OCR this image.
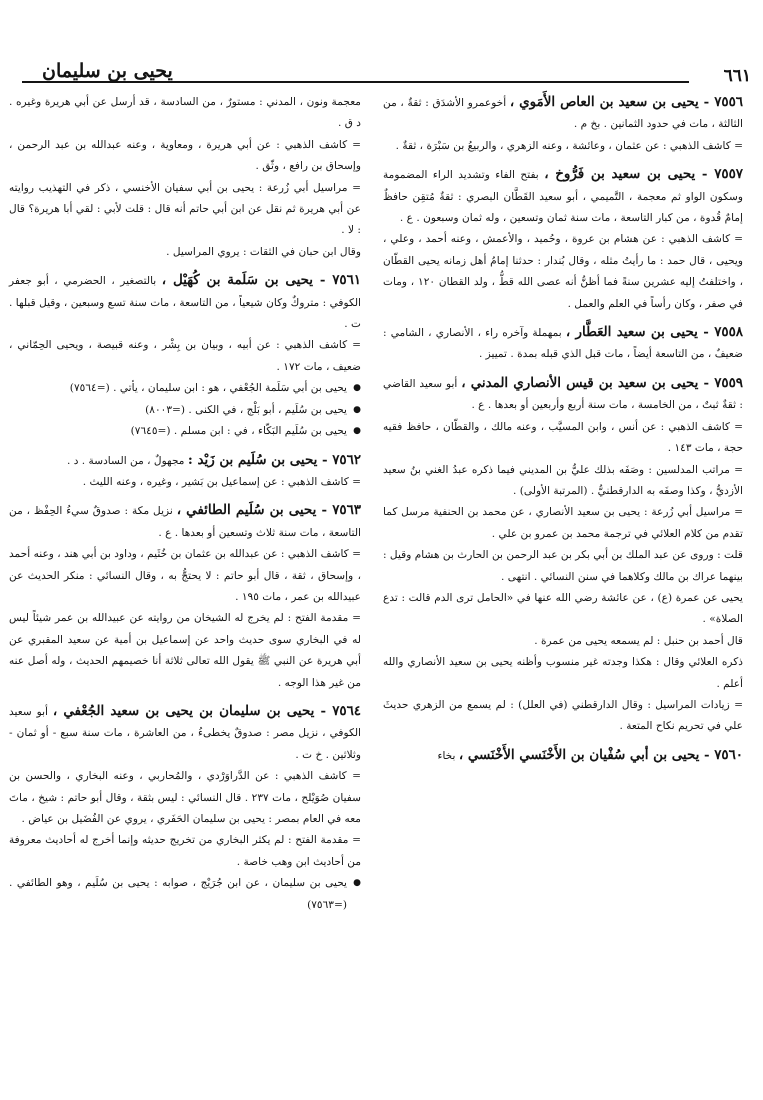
٦٦١
يحيى بن سليمان

٧٥٥٦ - يحيى بن سعيد بن العاص الأَمَوي ، أخوعمرو الأشدَق : ثقةٌ ، من الثالثة ، مات في حدود الثمانين . بخ م .

= كاشف الذهبي : عن عثمان ، وعائشة ، وعنه الزهري ، والربيعُ بن سَبْرَة ، ثقةٌ .

٧٥٥٧ - يحيى بن سعيد بن فَرُّوخ ، بفتح الفاء وتشديد الراء المضمومة وسكون الواو ثم معجمة ، التَّميمي ، أبو سعيد القَطَّان البصري : ثقةٌ مُتقِن حافظٌ إمامٌ قُدوة ، من كبار التاسعة ، مات سنة ثمان وتسعين ، وله ثمان وسبعون . ع .

= كاشف الذهبي : عن هشام بن عروة ، وحُميد ، والأعمش ، وعنه أحمد ، وعلي ، ويحيى ، قال حمد : ما رأيتُ مثله ، وقال بُندار : حدثنا إمامُ أهل زمانه يحيى القطّان ، واختلفتُ إليه عشرين سنةً فما أظنُّ أنه عصى الله قطُّ ، ولد القطان ١٢٠ ، ومات في صفر ، وكان رأساً في العلم والعمل .

٧٥٥٨ - يحيى بن سعيد العَطَّار ، بمهملة وآخره راء ، الأنصاري ، الشامي : ضعيفٌ ، من التاسعة أيضاً ، مات قبل الذي قبله بمدة . تمييز .

٧٥٥٩ - يحيى بن سعيد بن قيس الأنصاري المدني ، أبو سعيد القاضي : ثقةٌ ثبتٌ ، من الخامسة ، مات سنة أربع وأربعين أو بعدها . ع .

= كاشف الذهبي : عن أنس ، وابن المسيَّب ، وعنه مالك ، والقطّان ، حافظ فقيه حجة ، مات ١٤٣ .

= مراتب المدلسين : وصَفَه بذلك عليُّ بن المديني فيما ذكره عبدُ الغني بنُ سعيد الأزديُّ ، وكذا وصفَه به الدارقطنيُّ . (المرتبة الأولى) .

= مراسيل أبي زُرعة : يحيى بن سعيد الأنصاري ، عن محمد بن الحنفية مرسل كما تقدم من كلام العلائي في ترجمة محمد بن عمرو بن علي .

قلت : وروى عن عبد الملك بن أبي بكر بن عبد الرحمن بن الحارث بن هشام وقيل : بينهما عراك بن مالك وكلاهما في سنن النسائي . انتهى .

يحيى عن عمرة (ع) ، عن عائشة رضي الله عنها في «الحامل ترى الدم قالت : تدع الصلاة» .

قال أحمد بن حنبل : لم يسمعه يحيى من عمرة .

ذكره العلائي وقال : هكذا وجدته غير منسوب وأظنه يحيى بن سعيد الأنصاري والله أعلم .

= زيادات المراسيل : وقال الدارقطني (في العلل) : لم يسمع من الزهري حديثَ علي في تحريم نكاح المتعة .

٧٥٦٠ - يحيى بن أبي سُفْيان بن الأَخْنَسي الأَخْنَسي ، بخاء

معجمة ونون ، المدني : مستورٌ ، من السادسة ، قد أرسل عن أبي هريرة وغيره . د ق .

= كاشف الذهبي : عن أبي هريرة ، ومعاوية ، وعنه عبدالله بن عبد الرحمن ، وإسحاق بن رافع ، وثّق .

= مراسيل أبي زُرعة : يحيى بن أبي سفيان الأخنسي ، ذكر في التهذيب روايته عن أبي هريرة ثم نقل عن ابن أبي حاتم أنه قال : قلت لأبي : لقي أبا هريرة؟ قال : لا .

وقال ابن حبان في الثقات : يروي المراسيل .

٧٥٦١ - يحيى بن سَلَمة بن كُهَيْل ، بالتصغير ، الحضرمي ، أبو جعفر الكوفي : متروكٌ وكان شيعياً ، من التاسعة ، مات سنة تسع وسبعين ، وقيل قبلها . ت .

= كاشف الذهبي : عن أبيه ، وبيان بن بِشْر ، وعنه قبيصة ، ويحيى الحِمّاني ، ضعيف ، مات ١٧٢ .

● يحيى بن أبي سَلَمة الجُعْفي ، هو : ابن سليمان ، يأتي . (=٧٥٦٤)

● يحيى بن سُلَيم ، أبو بَلْج ، في الكنى . (=٨٠٠٣)

● يحيى بن سُلَيم البَكّاء ، في : ابن مسلم . (=٧٦٤٥)

٧٥٦٢ - يحيى بن سُلَيم بن زَيْد : مجهولٌ ، من السادسة . د .

= كاشف الذهبي : عن إسماعيل بن بَشير ، وغيره ، وعنه الليث .

٧٥٦٣ - يحيى بن سُلَيم الطائفي ، نزيل مكة : صدوقٌ سيءُ الحِفْظ ، من التاسعة ، مات سنة ثلاث وتسعين أو بعدها . ع .

= كاشف الذهبي : عن عبدالله بن عثمان بن خُثَيم ، وداود بن أبي هند ، وعنه أحمد ، وإسحاق ، ثقة ، قال أبو حاتم : لا يحتجُّ به ، وقال النسائي : منكر الحديث عن عبيدالله بن عمر ، مات ١٩٥ .

= مقدمة الفتح : لم يخرج له الشيخان من روايته عن عبيدالله بن عمر شيئاً ليس له في البخاري سوى حديث واحد عن إسماعيل بن أمية عن سعيد المقبري عن أبي هريرة عن النبي ﷺ يقول الله تعالى ثلاثة أنا خصيمهم الحديث ، وله أصل عنه من غير هذا الوجه .

٧٥٦٤ - يحيى بن سليمان بن يحيى بن سعيد الجُعْفي ، أبو سعيد الكوفي ، نزيل مصر : صدوقٌ يخطىءُ ، من العاشرة ، مات سنة سبع - أو ثمان - وثلاثين . خ ت .

= كاشف الذهبي : عن الدَّراوَرْدي ، والمُحاربي ، وعنه البخاري ، والحسن بن سفيان صُوَيْلح ، مات ٢٣٧ . قال النسائي : ليس بثقة ، وقال أبو حاتم : شيخ ، ماتَ معه في العام بمصر : يحيى بن سليمان الحَفَري ، يروي عن الفُضَيل بن عياض .

= مقدمة الفتح : لم يكثر البخاري من تخريج حديثه وإنما أخرج له أحاديث معروفة من أحاديث ابن وهب خاصة .

● يحيى بن سليمان ، عن ابن جُرَيْج ، صوابه : يحيى بن سُلَيم ، وهو الطائفي . (=٧٥٦٣)
